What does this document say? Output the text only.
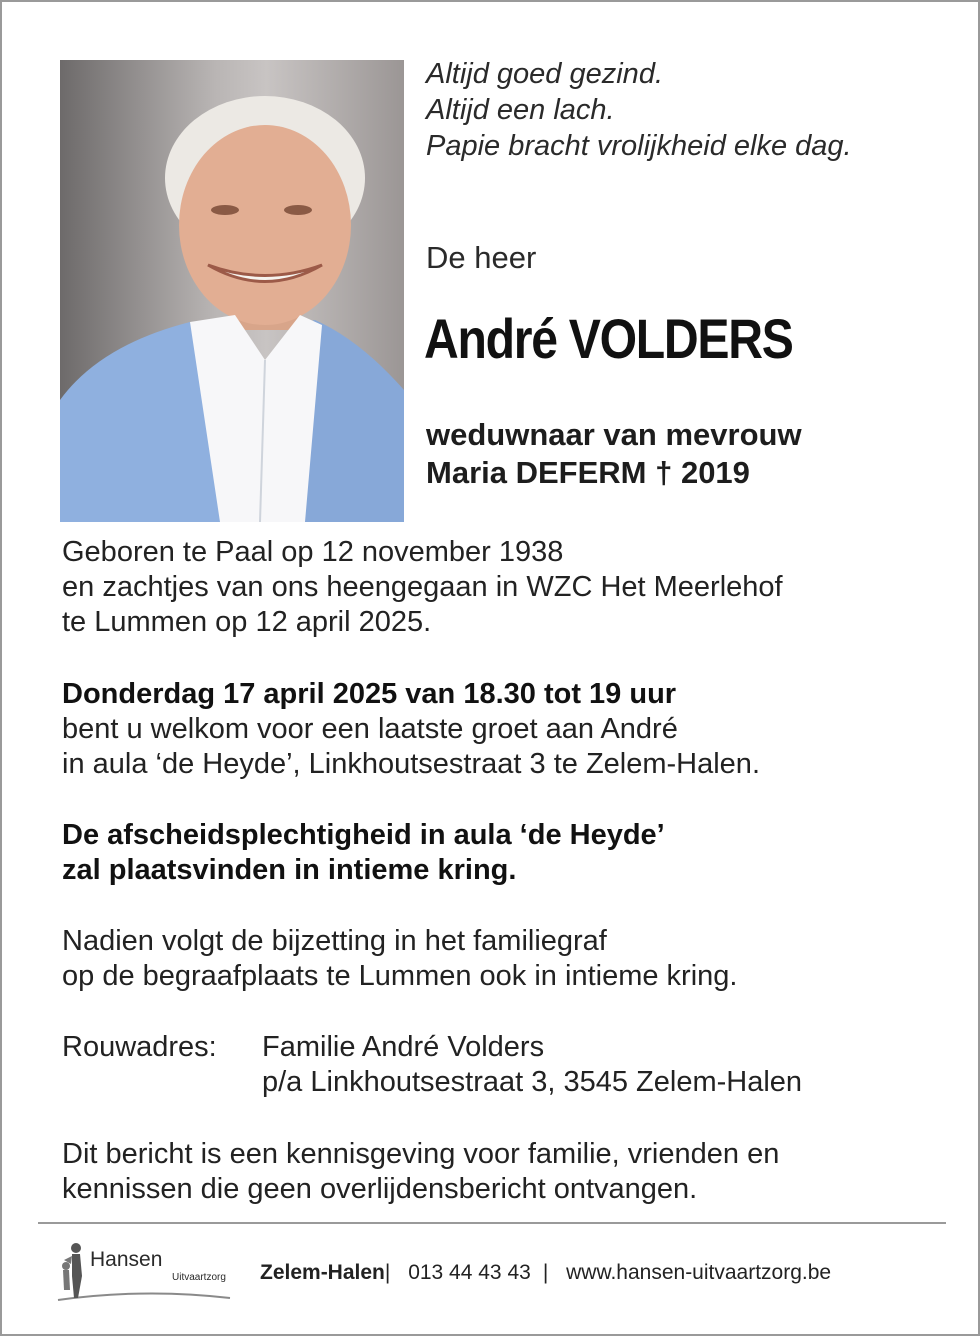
Altijd goed gezind.
Altijd een lach.
Papie bracht vrolijkheid elke dag.
De heer
André VOLDERS
weduwnaar van mevrouw
Maria DEFERM † 2019
Geboren te Paal op 12 november 1938
en zachtjes van ons heengegaan in WZC Het Meerlehof
te Lummen op 12 april 2025.
Donderdag 17 april 2025 van 18.30 tot 19 uur
bent u welkom voor een laatste groet aan André
in aula ‘de Heyde’, Linkhoutsestraat 3 te Zelem-Halen.
De afscheidsplechtigheid in aula ‘de Heyde’
zal plaatsvinden in intieme kring.
Nadien volgt de bijzetting in het familiegraf
op de begraafplaats te Lummen ook in intieme kring.
Rouwadres: Familie André Volders
p/a Linkhoutsestraat 3, 3545 Zelem-Halen
Dit bericht is een kennisgeving voor familie, vrienden en
kennissen die geen overlijdensbericht ontvangen.
Hansen
Uitvaartzorg Zelem-Halen| 013 44 43 43 | www.hansen-uitvaartzorg.be
